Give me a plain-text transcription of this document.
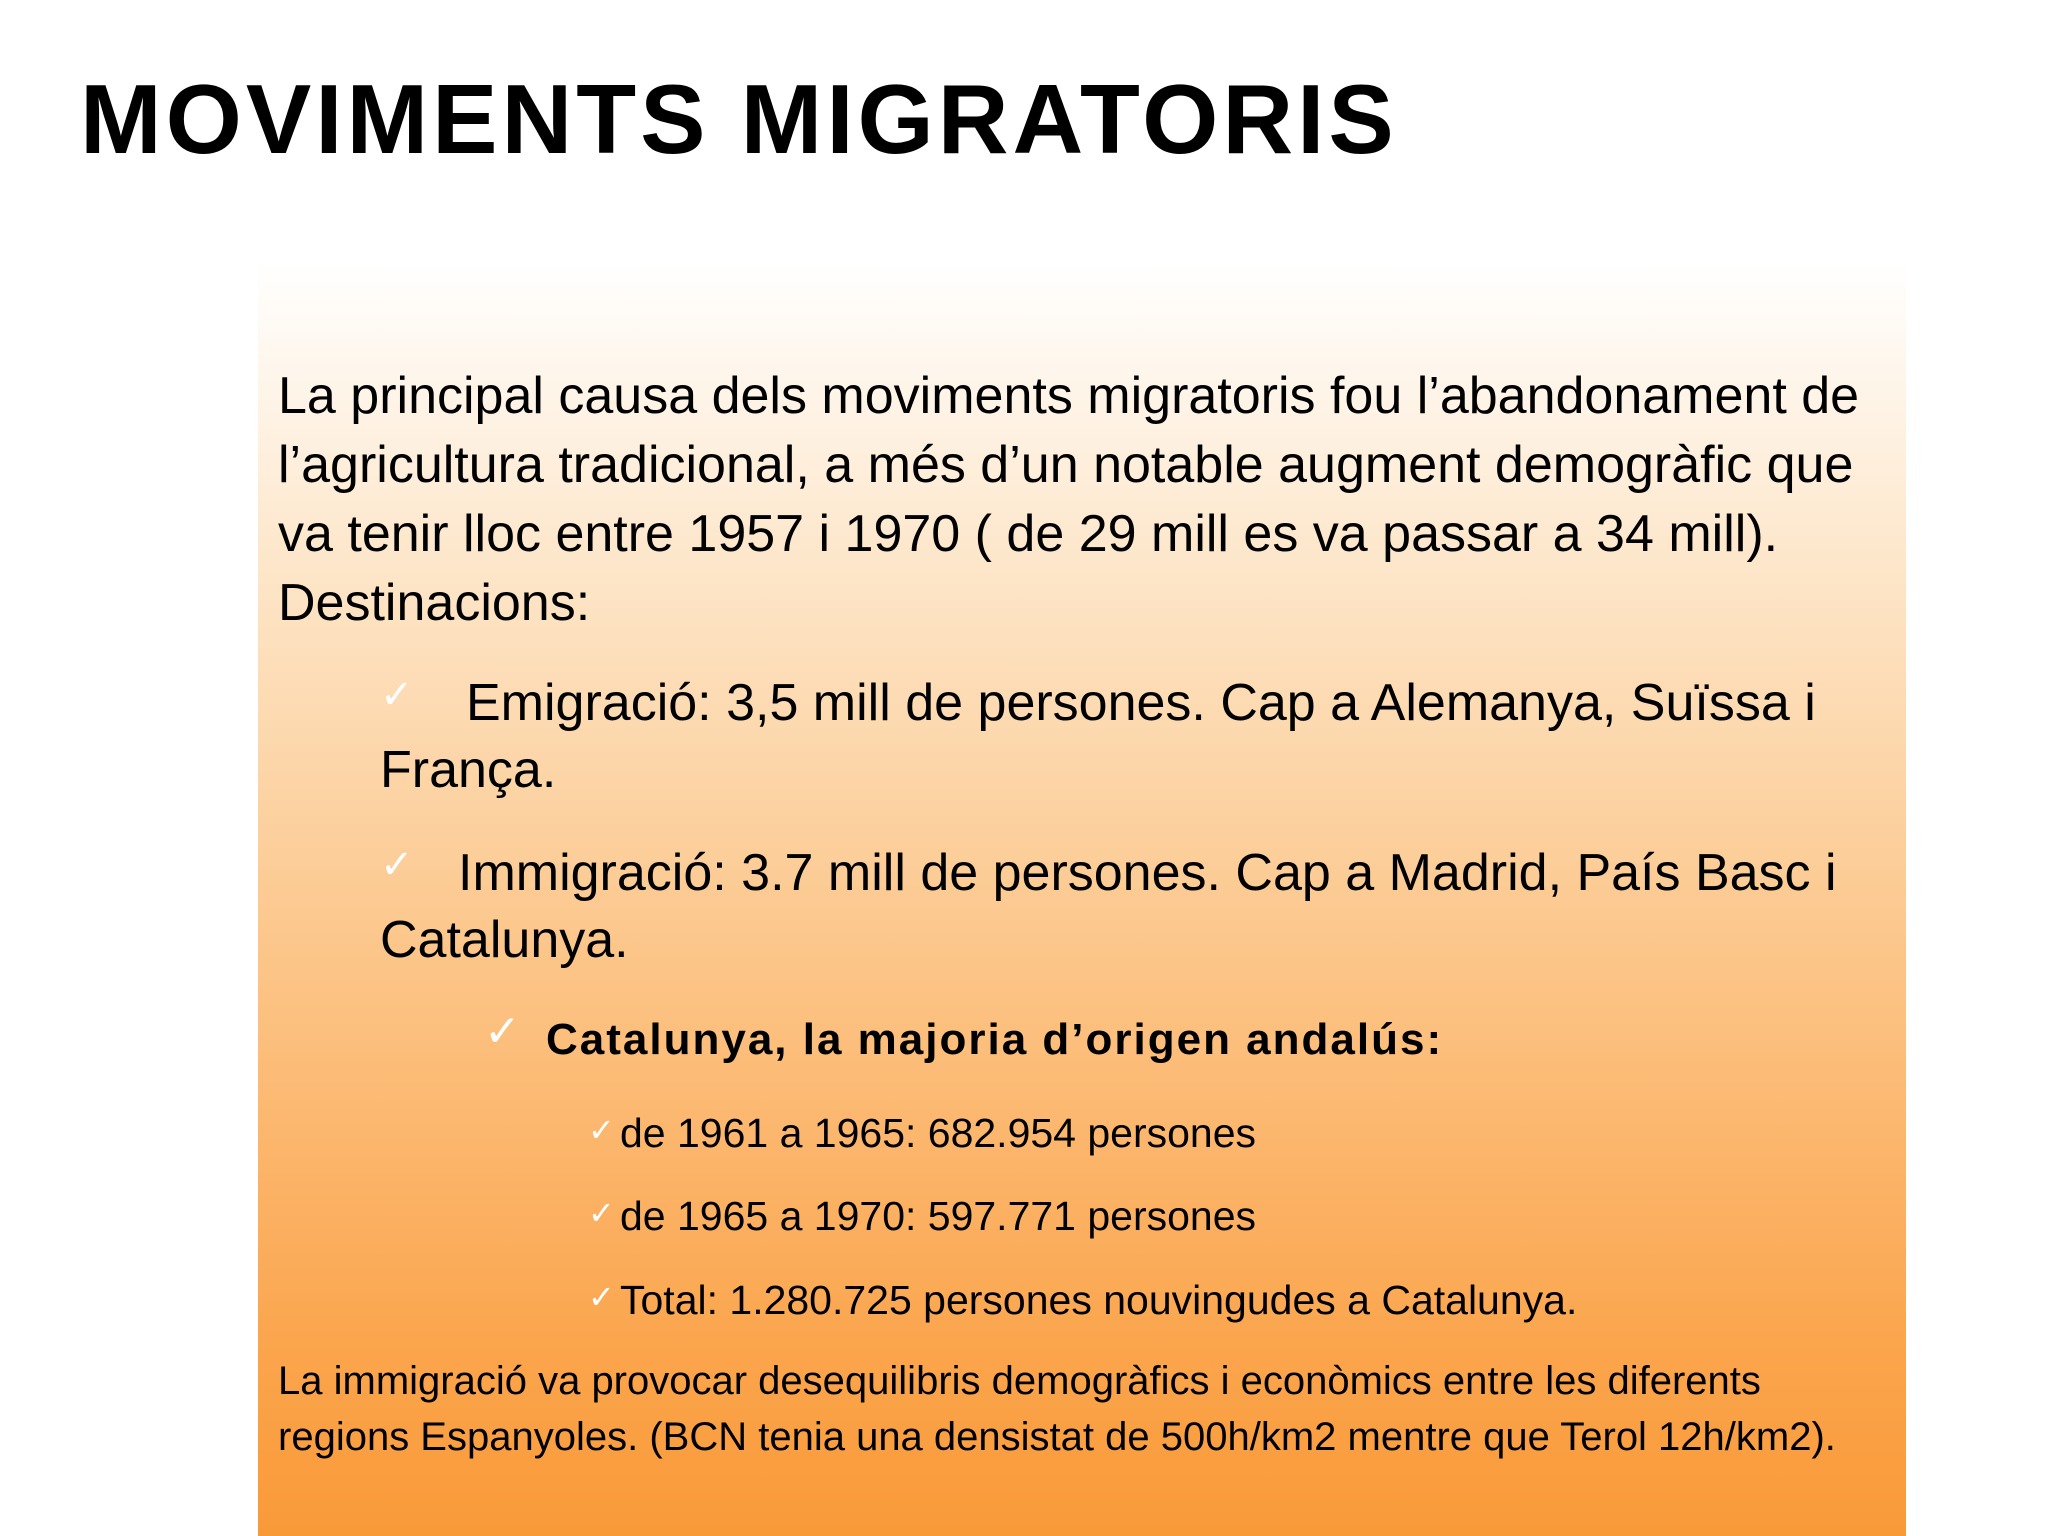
MOVIMENTS MIGRATORIS

La principal causa dels moviments migratoris fou l’abandonament de l’agricultura tradicional, a més d’un notable augment demogràfic que va tenir lloc entre 1957 i 1970 ( de 29 mill es va passar a 34 mill). Destinacions:

✓ Emigració: 3,5 mill de persones. Cap a Alemanya, Suïssa i França.

✓ Immigració: 3.7 mill de persones. Cap a Madrid, País Basc i Catalunya.

✓ Catalunya, la majoria d’origen andalús:

✓ de 1961 a 1965: 682.954 persones

✓ de 1965 a 1970: 597.771 persones

✓ Total: 1.280.725 persones nouvingudes a Catalunya.

La immigració va provocar desequilibris demogràfics i econòmics entre les diferents regions Espanyoles. (BCN tenia una densistat de 500h/km2 mentre que Terol 12h/km2).
